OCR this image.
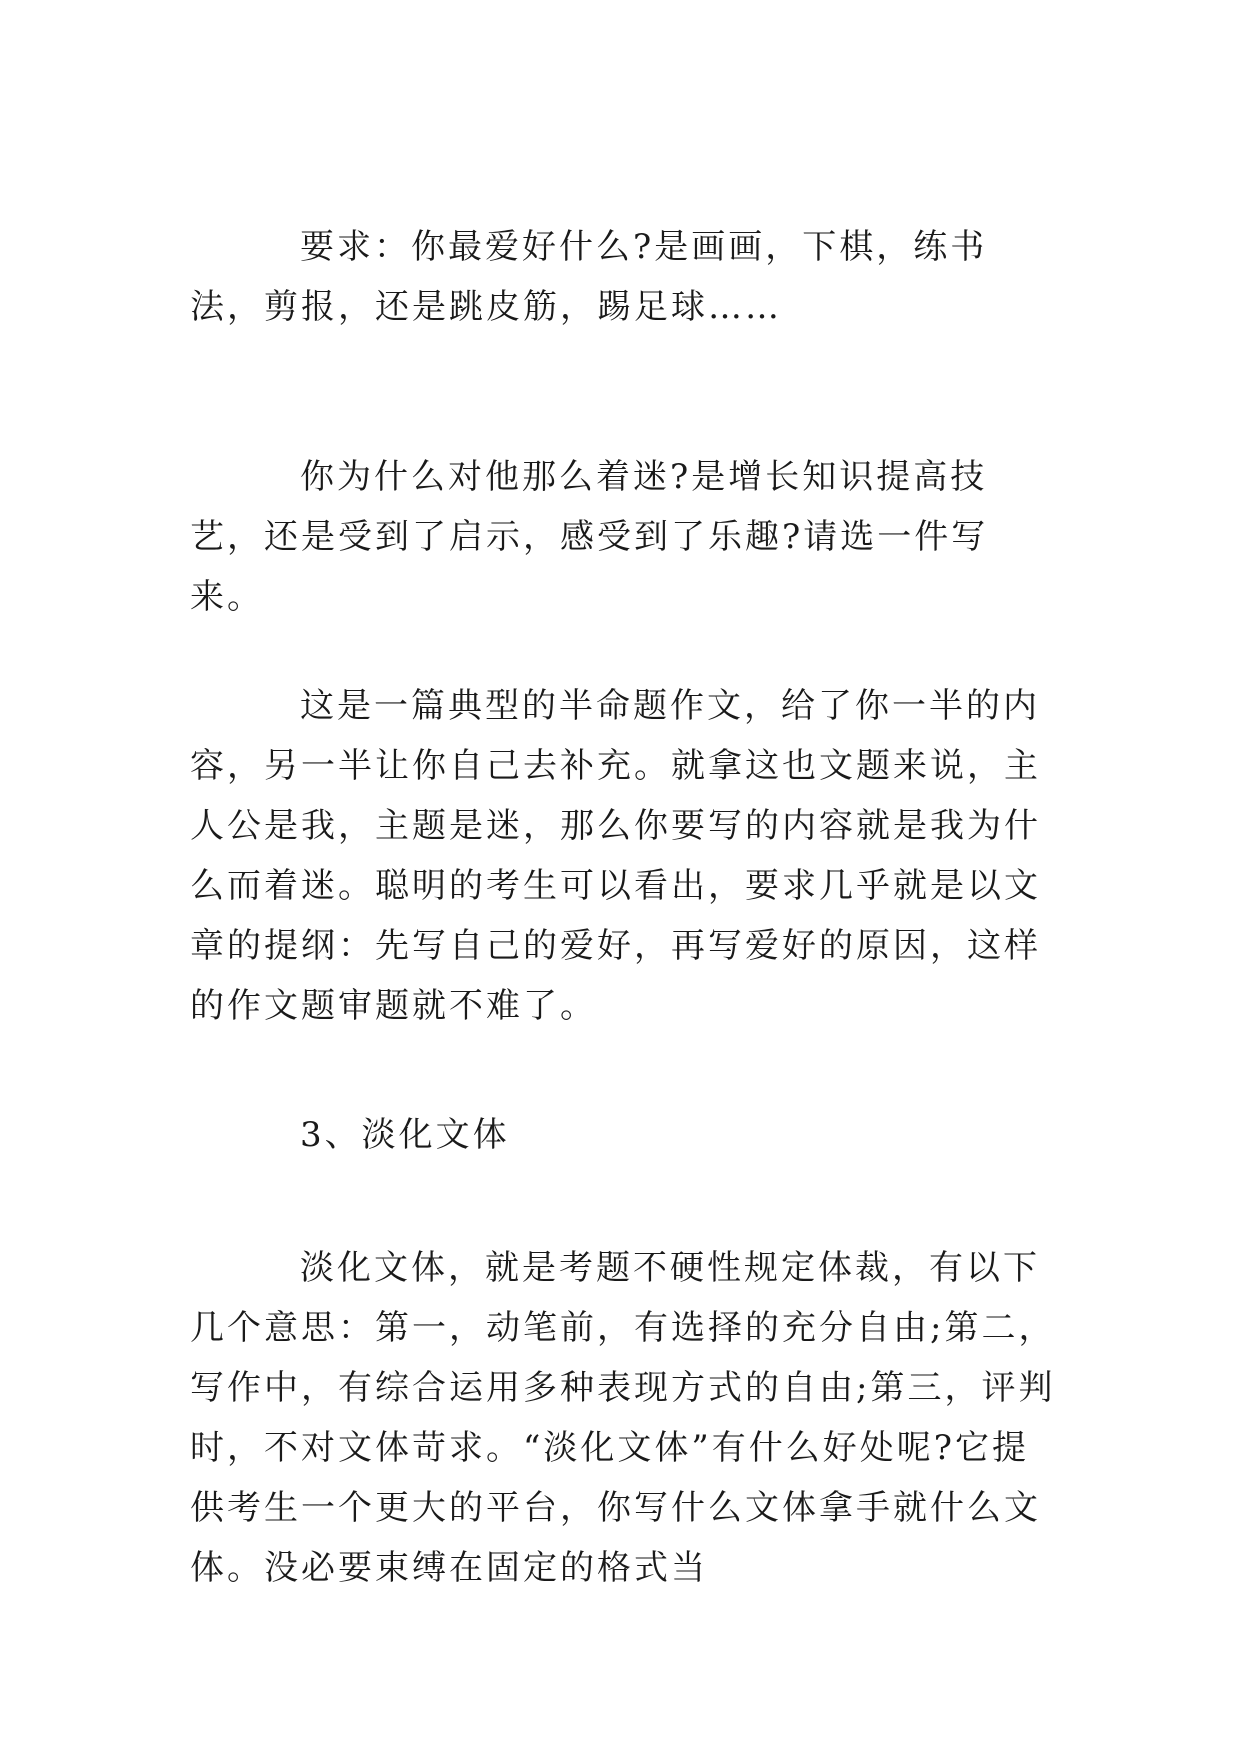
要求：你最爱好什么?是画画，下棋，练书法，剪报，还是跳皮筋，踢足球……

你为什么对他那么着迷?是增长知识提高技艺，还是受到了启示，感受到了乐趣?请选一件写来。

这是一篇典型的半命题作文，给了你一半的内容，另一半让你自己去补充。就拿这也文题来说，主人公是我，主题是迷，那么你要写的内容就是我为什么而着迷。聪明的考生可以看出，要求几乎就是以文章的提纲：先写自己的爱好，再写爱好的原因，这样的作文题审题就不难了。

3、淡化文体

淡化文体，就是考题不硬性规定体裁，有以下几个意思：第一，动笔前，有选择的充分自由;第二，写作中，有综合运用多种表现方式的自由;第三，评判时，不对文体苛求。“淡化文体”有什么好处呢?它提供考生一个更大的平台，你写什么文体拿手就什么文体。没必要束缚在固定的格式当
